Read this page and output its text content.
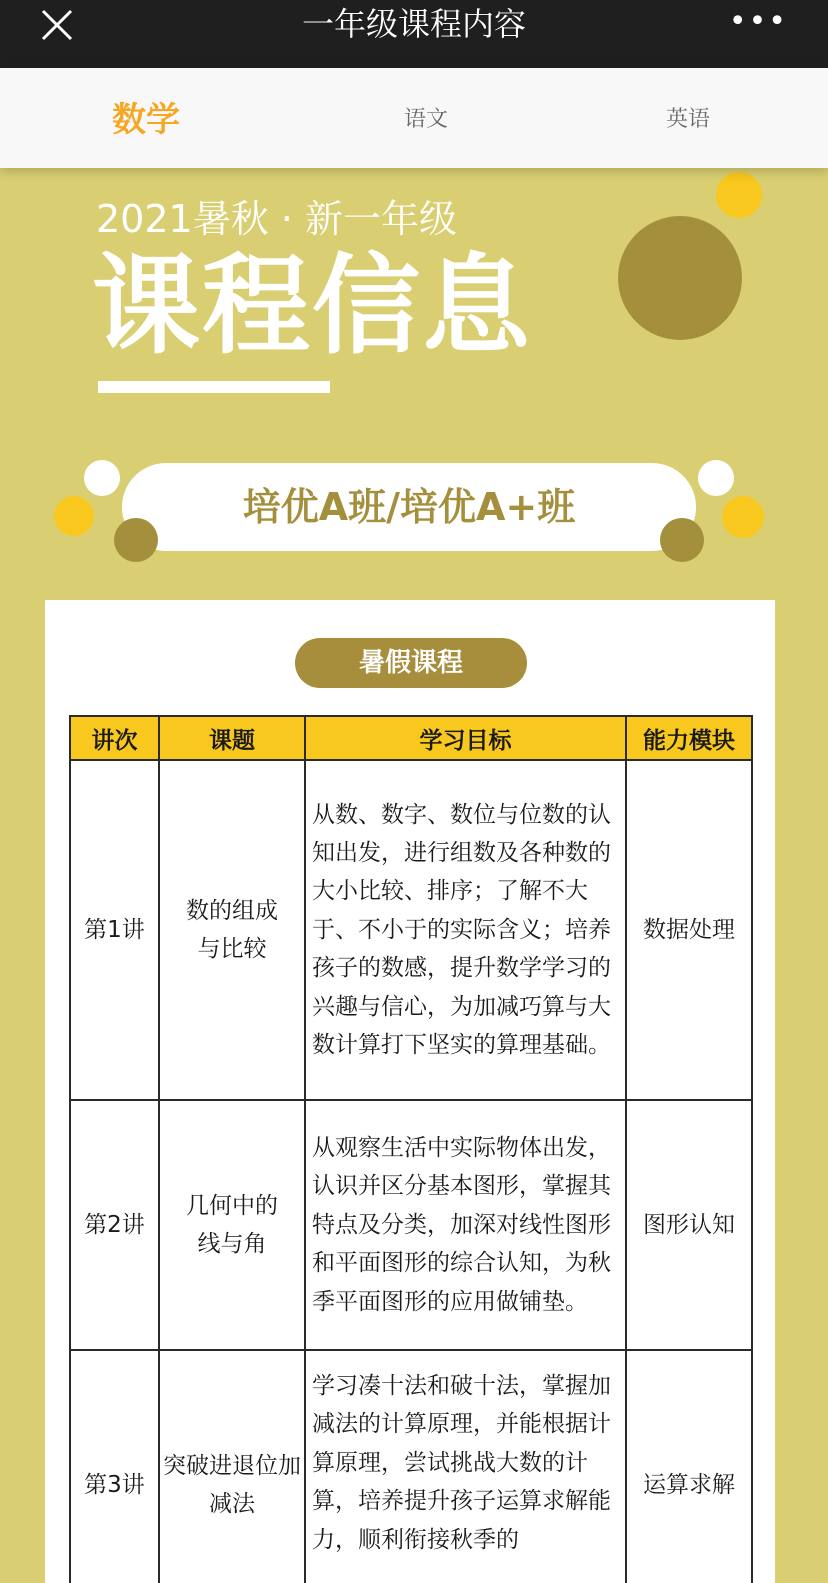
一年级课程内容	•••
数学	语文	英语
2021暑秋 · 新一年级
课程信息
培优A班/培优A+班
暑假课程
讲次	课题	学习目标	能力模块
第1讲	数的组成与比较	从数、数字、数位与位数的认知出发，进行组数及各种数的大小比较、排序；了解不大于、不小于的实际含义；培养孩子的数感，提升数学学习的兴趣与信心，为加减巧算与大数计算打下坚实的算理基础。	数据处理
第2讲	几何中的线与角	从观察生活中实际物体出发，认识并区分基本图形，掌握其特点及分类，加深对线性图形和平面图形的综合认知，为秋季平面图形的应用做铺垫。	图形认知
第3讲	突破进退位加减法	学习凑十法和破十法，掌握加减法的计算原理，并能根据计算原理，尝试挑战大数的计算，培养提升孩子运算求解能力，顺利衔接秋季的	运算求解
